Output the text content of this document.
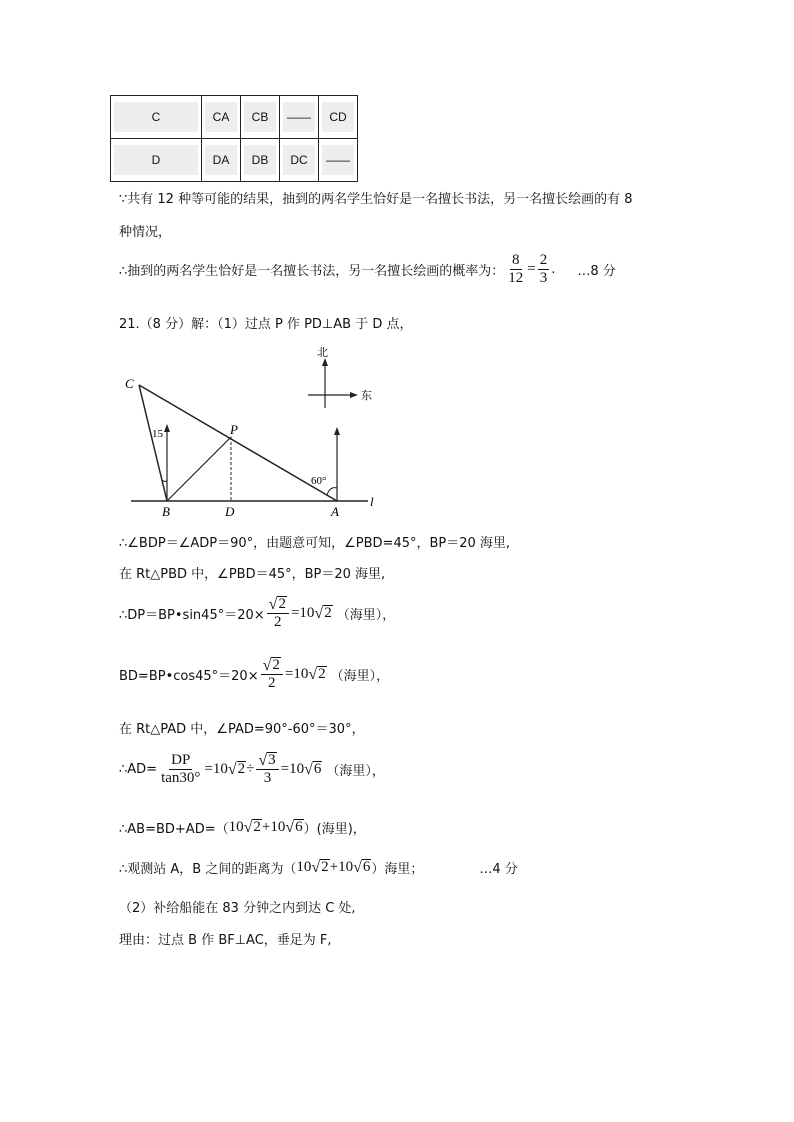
C	CA	CB	——	CD

D	DA	DB	DC	——
∵共有 12 种等可能的结果，抽到的两名学生恰好是一名擅长书法，另一名擅长绘画的有 8
种情况，
∴抽到的两名学生恰好是一名擅长书法，另一名擅长绘画的概率为： $\frac{8}{12} = \frac{2}{3}$ . …8 分
21.（8 分）解：（1）过点 P 作 PD⊥AB 于 D 点，
C
P
B	D	A
l
15
60°
北
东
∴∠BDP＝∠ADP＝90°，由题意可知，∠PBD=45°，BP＝20 海里,
在 Rt△PBD 中，∠PBD＝45°，BP＝20 海里,
∴DP＝BP•sin45°＝20× $\frac{√ 2}{2} = 10$ √ 2 （海里），
BD=BP•cos45°＝20× $\frac{√ 2}{2} = 10$ √ 2 （海里），
在 Rt△PAD 中，∠PAD=90°-60°＝30°，
∴AD= $\frac{DP}{\tan 30^\circ} = 10$ √ $2 \div \frac{√ 3}{3} = 10$ √ 6 （海里），
∴AB=BD+AD=（ 10 √ 2 +10 √ 6 ）(海里)，
∴观测站 A，B 之间的距离为（ 10 √ 2 +10 √ 6 ）海里；	…4 分
（2）补给船能在 83 分钟之内到达 C 处,
理由：过点 B 作 BF⊥AC，垂足为 F,
